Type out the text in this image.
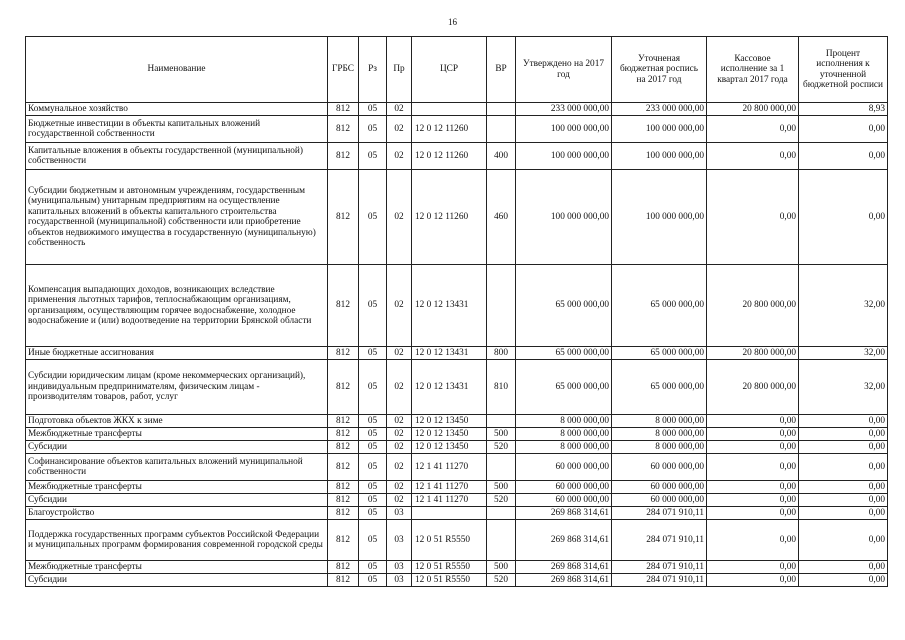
16
Наименование	ГРБС	Рз	Пр	ЦСР	ВР	Утверждено на 2017 год	Уточненая бюджетная роспись на 2017 год	Кассовое исполнение за 1 квартал 2017 года	Процент исполнения к уточненной бюджетной росписи
Коммунальное хозяйство	812	05	02			233 000 000,00	233 000 000,00	20 800 000,00	8,93
Бюджетные инвестиции в объекты капитальных вложений государственной собственности	812	05	02	12 0 12 11260		100 000 000,00	100 000 000,00	0,00	0,00
Капитальные вложения в объекты государственной (муниципальной) собственности	812	05	02	12 0 12 11260	400	100 000 000,00	100 000 000,00	0,00	0,00
Субсидии бюджетным и автономным учреждениям, государственным (муниципальным) унитарным предприятиям на осуществление капитальных вложений в объекты капитального строительства государственной (муниципальной) собственности или приобретение объектов недвижимого имущества в государственную (муниципальную) собственность	812	05	02	12 0 12 11260	460	100 000 000,00	100 000 000,00	0,00	0,00
Компенсация выпадающих доходов, возникающих вследствие применения льготных тарифов, теплоснабжающим организациям, организациям, осуществляющим горячее водоснабжение, холодное водоснабжение и (или) водоотведение на территории Брянской области	812	05	02	12 0 12 13431		65 000 000,00	65 000 000,00	20 800 000,00	32,00
Иные бюджетные ассигнования	812	05	02	12 0 12 13431	800	65 000 000,00	65 000 000,00	20 800 000,00	32,00
Субсидии юридическим лицам (кроме некоммерческих организаций), индивидуальным предпринимателям, физическим лицам - производителям товаров, работ, услуг	812	05	02	12 0 12 13431	810	65 000 000,00	65 000 000,00	20 800 000,00	32,00
Подготовка объектов ЖКХ к зиме	812	05	02	12 0 12 13450		8 000 000,00	8 000 000,00	0,00	0,00
Межбюджетные трансферты	812	05	02	12 0 12 13450	500	8 000 000,00	8 000 000,00	0,00	0,00
Субсидии	812	05	02	12 0 12 13450	520	8 000 000,00	8 000 000,00	0,00	0,00
Софинансирование объектов капитальных вложений муниципальной собственности	812	05	02	12 1 41 11270		60 000 000,00	60 000 000,00	0,00	0,00
Межбюджетные трансферты	812	05	02	12 1 41 11270	500	60 000 000,00	60 000 000,00	0,00	0,00
Субсидии	812	05	02	12 1 41 11270	520	60 000 000,00	60 000 000,00	0,00	0,00
Благоустройство	812	05	03			269 868 314,61	284 071 910,11	0,00	0,00
Поддержка государственных программ субъектов Российской Федерации и муниципальных программ формирования современной городской среды	812	05	03	12 0 51 R5550		269 868 314,61	284 071 910,11	0,00	0,00
Межбюджетные трансферты	812	05	03	12 0 51 R5550	500	269 868 314,61	284 071 910,11	0,00	0,00
Субсидии	812	05	03	12 0 51 R5550	520	269 868 314,61	284 071 910,11	0,00	0,00
